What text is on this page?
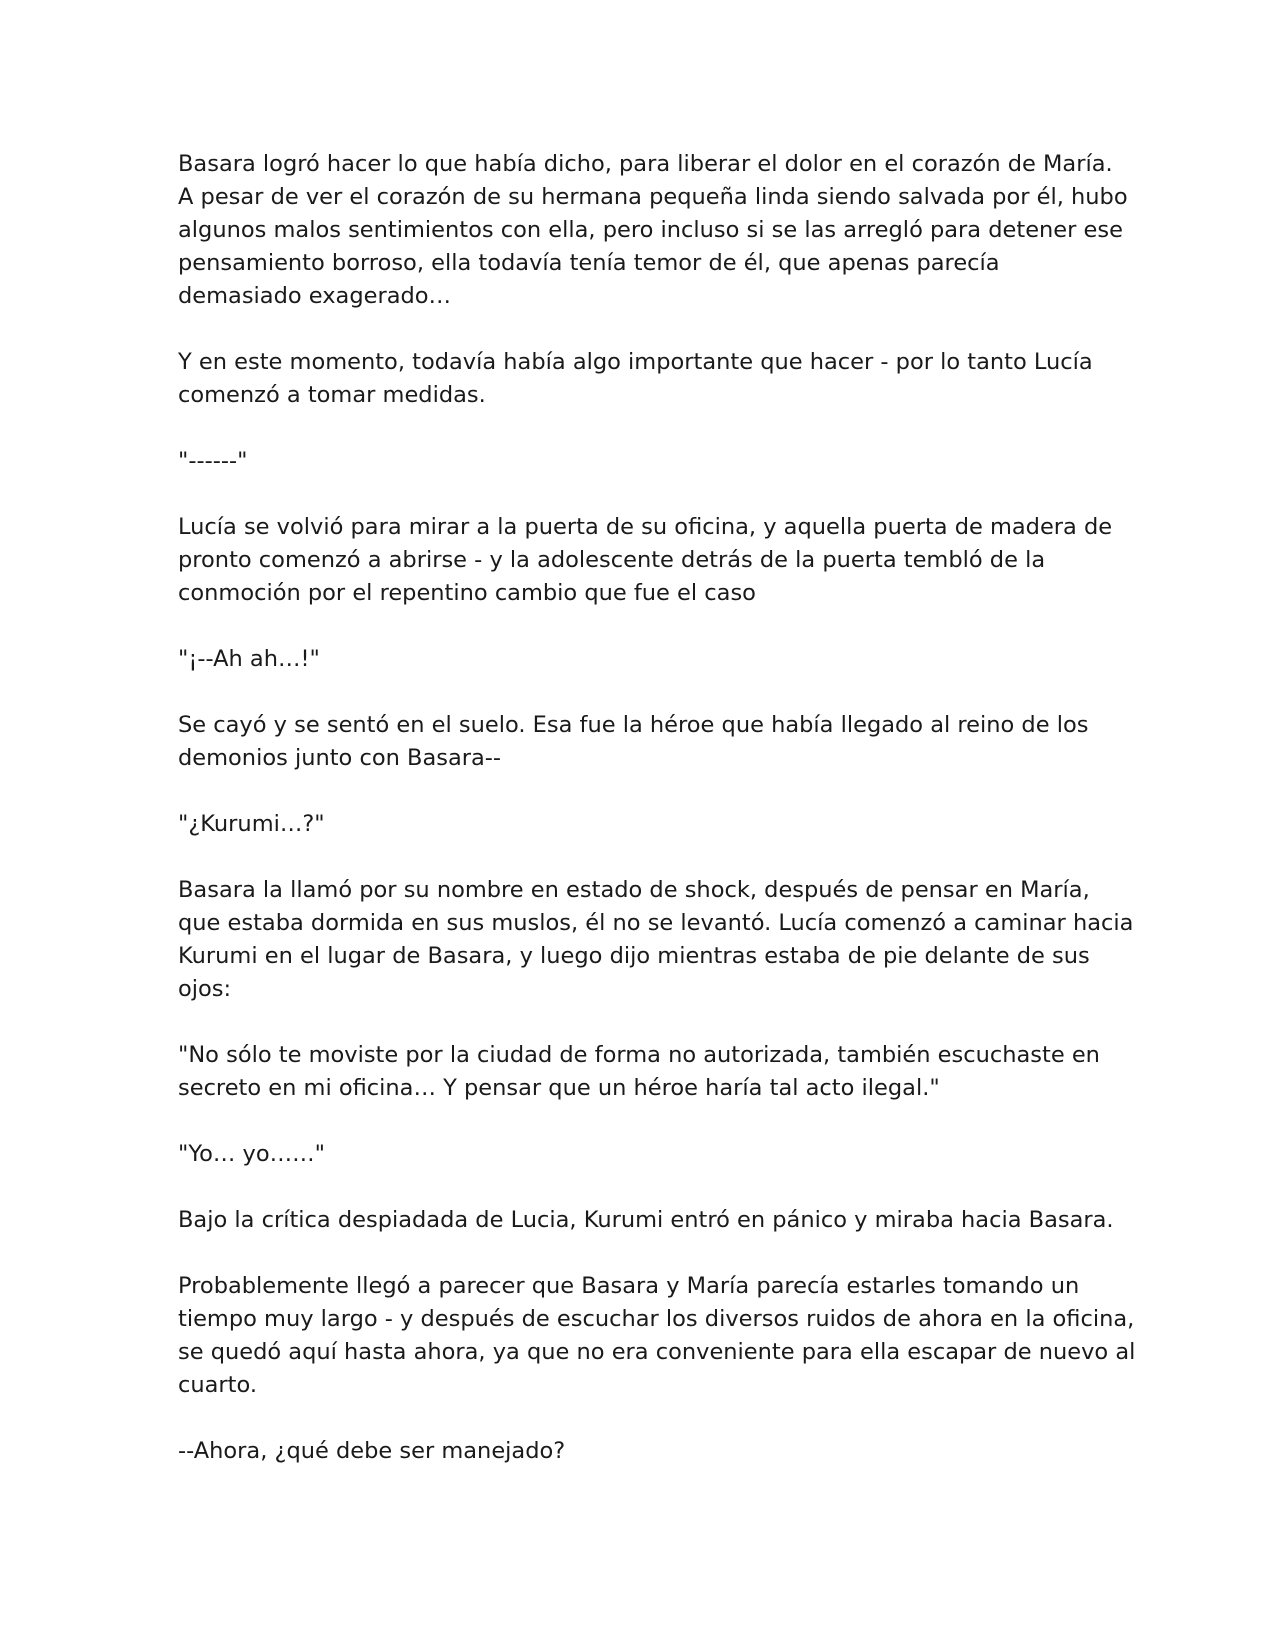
Basara logró hacer lo que había dicho, para liberar el dolor en el corazón de María.
A pesar de ver el corazón de su hermana pequeña linda siendo salvada por él, hubo
algunos malos sentimientos con ella, pero incluso si se las arregló para detener ese
pensamiento borroso, ella todavía tenía temor de él, que apenas parecía
demasiado exagerado…

Y en este momento, todavía había algo importante que hacer - por lo tanto Lucía
comenzó a tomar medidas.

"------"

Lucía se volvió para mirar a la puerta de su oficina, y aquella puerta de madera de
pronto comenzó a abrirse - y la adolescente detrás de la puerta tembló de la
conmoción por el repentino cambio que fue el caso

"¡--Ah ah…!"

Se cayó y se sentó en el suelo. Esa fue la héroe que había llegado al reino de los
demonios junto con Basara--

"¿Kurumi…?"

Basara la llamó por su nombre en estado de shock, después de pensar en María,
que estaba dormida en sus muslos, él no se levantó. Lucía comenzó a caminar hacia
Kurumi en el lugar de Basara, y luego dijo mientras estaba de pie delante de sus
ojos:

"No sólo te moviste por la ciudad de forma no autorizada, también escuchaste en
secreto en mi oficina… Y pensar que un héroe haría tal acto ilegal."

"Yo… yo……"

Bajo la crítica despiadada de Lucia, Kurumi entró en pánico y miraba hacia Basara.

Probablemente llegó a parecer que Basara y María parecía estarles tomando un
tiempo muy largo - y después de escuchar los diversos ruidos de ahora en la oficina,
se quedó aquí hasta ahora, ya que no era conveniente para ella escapar de nuevo al
cuarto.

--Ahora, ¿qué debe ser manejado?
